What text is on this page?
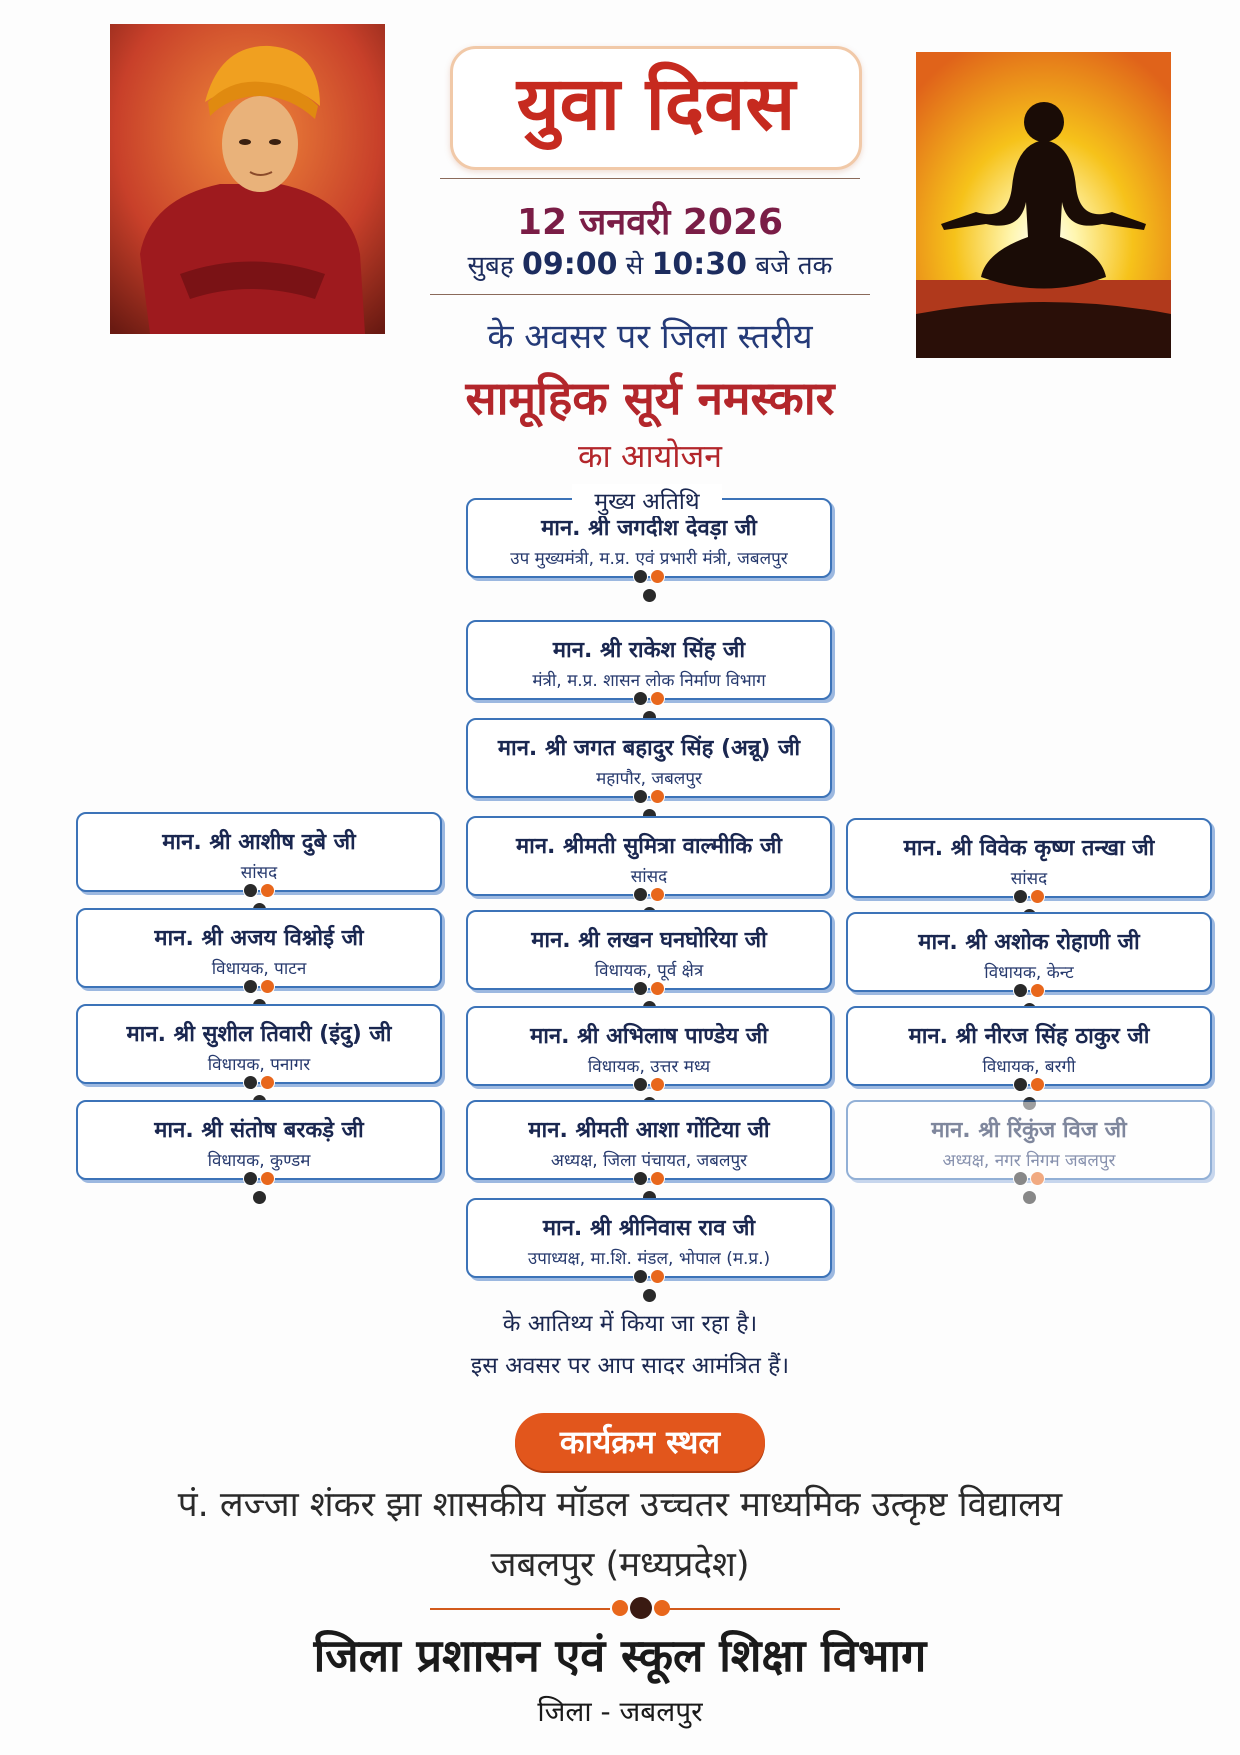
युवा दिवस
12 जनवरी 2026
सुबह 09:00 से 10:30 बजे तक
के अवसर पर जिला स्तरीय
सामूहिक सूर्य नमस्कार
का आयोजन
मुख्य अतिथि
मान. श्री जगदीश देवड़ा जी
उप मुख्यमंत्री, म.प्र. एवं प्रभारी मंत्री, जबलपुर
मान. श्री राकेश सिंह जी
मंत्री, म.प्र. शासन लोक निर्माण विभाग
मान. श्री जगत बहादुर सिंह (अन्नू) जी
महापौर, जबलपुर
मान. श्री आशीष दुबे जी
सांसद
मान. श्रीमती सुमित्रा वाल्मीकि जी
सांसद
मान. श्री विवेक कृष्ण तन्खा जी
सांसद
मान. श्री अजय विश्नोई जी
विधायक, पाटन
मान. श्री लखन घनघोरिया जी
विधायक, पूर्व क्षेत्र
मान. श्री अशोक रोहाणी जी
विधायक, केन्ट
मान. श्री सुशील तिवारी (इंदु) जी
विधायक, पनागर
मान. श्री अभिलाष पाण्डेय जी
विधायक, उत्तर मध्य
मान. श्री नीरज सिंह ठाकुर जी
विधायक, बरगी
मान. श्री संतोष बरकड़े जी
विधायक, कुण्डम
मान. श्रीमती आशा गोंटिया जी
अध्यक्ष, जिला पंचायत, जबलपुर
मान. श्री रिंकुंज विज जी
अध्यक्ष, नगर निगम जबलपुर
मान. श्री श्रीनिवास राव जी
उपाध्यक्ष, मा.शि. मंडल, भोपाल (म.प्र.)
के आतिथ्य में किया जा रहा है।
इस अवसर पर आप सादर आमंत्रित हैं।
कार्यक्रम स्थल
पं. लज्जा शंकर झा शासकीय मॉडल उच्चतर माध्यमिक उत्कृष्ट विद्यालय
जबलपुर (मध्यप्रदेश)
जिला प्रशासन एवं स्कूल शिक्षा विभाग
जिला - जबलपुर
